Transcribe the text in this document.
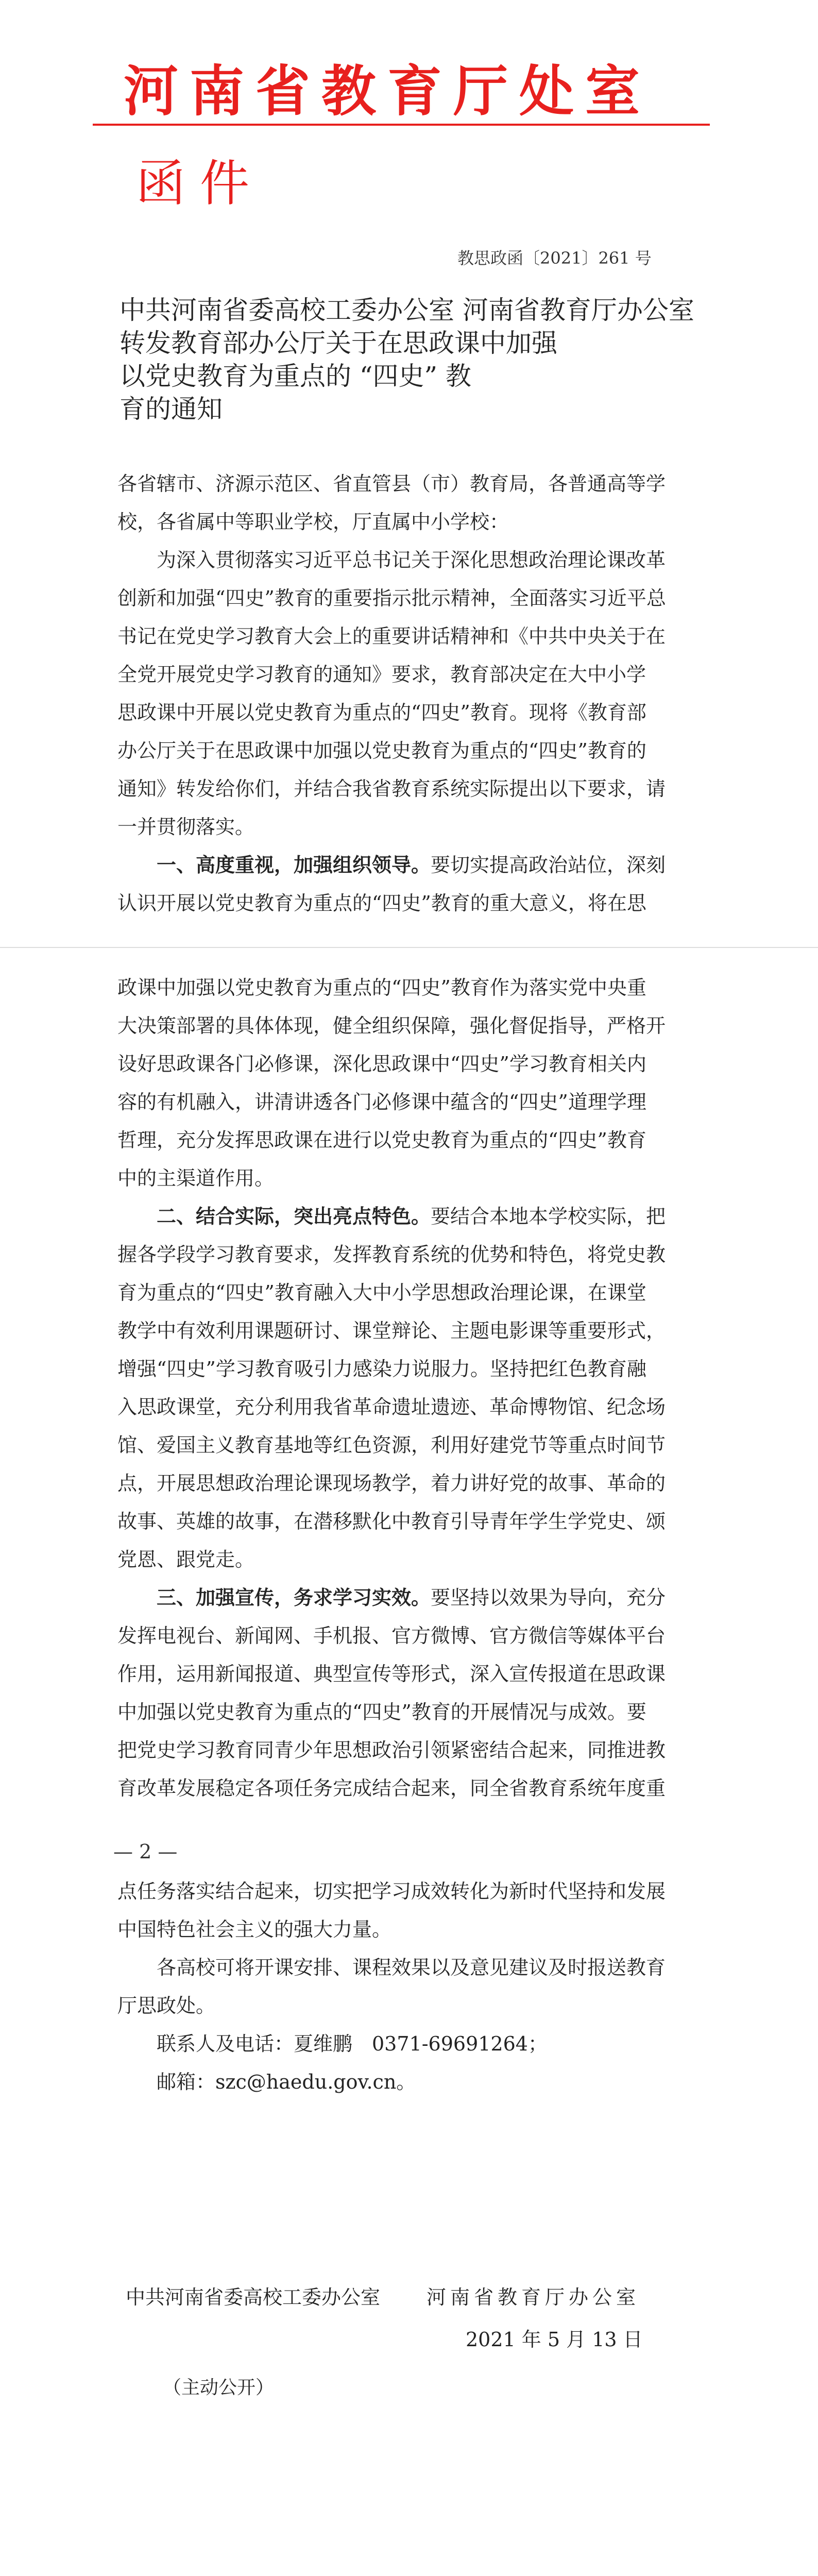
河南省教育厅处室
函件
教思政函〔2021〕261 号
中共河南省委高校工委办公室 河南省教育厅办公室
转发教育部办公厅关于在思政课中加强
以党史教育为重点的 “四史” 教
育的通知
各省辖市、济源示范区、省直管县（市）教育局，各普通高等学
校，各省属中等职业学校，厅直属中小学校：
为深入贯彻落实习近平总书记关于深化思想政治理论课改革
创新和加强“四史”教育的重要指示批示精神，全面落实习近平总
书记在党史学习教育大会上的重要讲话精神和《中共中央关于在
全党开展党史学习教育的通知》要求，教育部决定在大中小学
思政课中开展以党史教育为重点的“四史”教育。现将《教育部
办公厅关于在思政课中加强以党史教育为重点的“四史”教育的
通知》转发给你们，并结合我省教育系统实际提出以下要求，请
一并贯彻落实。
一、高度重视，加强组织领导。要切实提高政治站位，深刻
认识开展以党史教育为重点的“四史”教育的重大意义，将在思
政课中加强以党史教育为重点的“四史”教育作为落实党中央重
大决策部署的具体体现，健全组织保障，强化督促指导，严格开
设好思政课各门必修课，深化思政课中“四史”学习教育相关内
容的有机融入，讲清讲透各门必修课中蕴含的“四史”道理学理
哲理，充分发挥思政课在进行以党史教育为重点的“四史”教育
中的主渠道作用。
二、结合实际，突出亮点特色。要结合本地本学校实际，把
握各学段学习教育要求，发挥教育系统的优势和特色，将党史教
育为重点的“四史”教育融入大中小学思想政治理论课，在课堂
教学中有效利用课题研讨、课堂辩论、主题电影课等重要形式，
增强“四史”学习教育吸引力感染力说服力。坚持把红色教育融
入思政课堂，充分利用我省革命遗址遗迹、革命博物馆、纪念场
馆、爱国主义教育基地等红色资源，利用好建党节等重点时间节
点，开展思想政治理论课现场教学，着力讲好党的故事、革命的
故事、英雄的故事，在潜移默化中教育引导青年学生学党史、颂
党恩、跟党走。
三、加强宣传，务求学习实效。要坚持以效果为导向，充分
发挥电视台、新闻网、手机报、官方微博、官方微信等媒体平台
作用，运用新闻报道、典型宣传等形式，深入宣传报道在思政课
中加强以党史教育为重点的“四史”教育的开展情况与成效。要
把党史学习教育同青少年思想政治引领紧密结合起来，同推进教
育改革发展稳定各项任务完成结合起来，同全省教育系统年度重
— 2 —
点任务落实结合起来，切实把学习成效转化为新时代坚持和发展
中国特色社会主义的强大力量。
各高校可将开课安排、课程效果以及意见建议及时报送教育
厅思政处。
联系人及电话：夏维鹏　0371-69691264；
邮箱：szc@haedu.gov.cn。
中共河南省委高校工委办公室 河南省教育厅办公室
2021 年 5 月 13 日
（主动公开）
